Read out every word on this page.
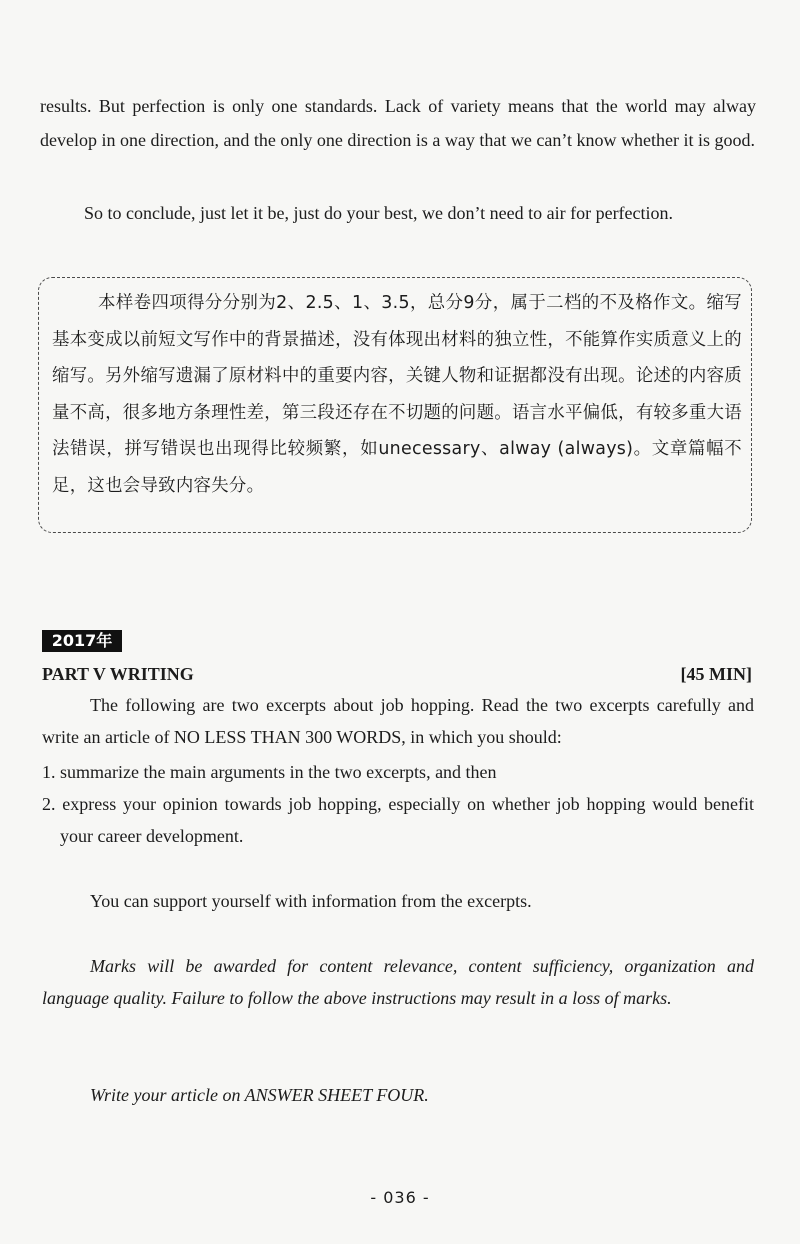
results. But perfection is only one standards. Lack of variety means that the world may alway develop in one direction, and the only one direction is a way that we can’t know whether it is good.

So to conclude, just let it be, just do your best, we don’t need to air for perfection.

本样卷四项得分分别为2、2.5、1、3.5，总分9分，属于二档的不及格作文。缩写基本变成以前短文写作中的背景描述，没有体现出材料的独立性，不能算作实质意义上的缩写。另外缩写遗漏了原材料中的重要内容，关键人物和证据都没有出现。论述的内容质量不高，很多地方条理性差，第三段还存在不切题的问题。语言水平偏低，有较多重大语法错误，拼写错误也出现得比较频繁，如unecessary、alway (always)。文章篇幅不足，这也会导致内容失分。

2017年
PART V WRITING	[45 MIN]

The following are two excerpts about job hopping. Read the two excerpts carefully and write an article of NO LESS THAN 300 WORDS, in which you should:

1. summarize the main arguments in the two excerpts, and then

2. express your opinion towards job hopping, especially on whether job hopping would benefit your career development.

You can support yourself with information from the excerpts.

Marks will be awarded for content relevance, content sufficiency, organization and language quality. Failure to follow the above instructions may result in a loss of marks.

Write your article on ANSWER SHEET FOUR.

- 036 -
